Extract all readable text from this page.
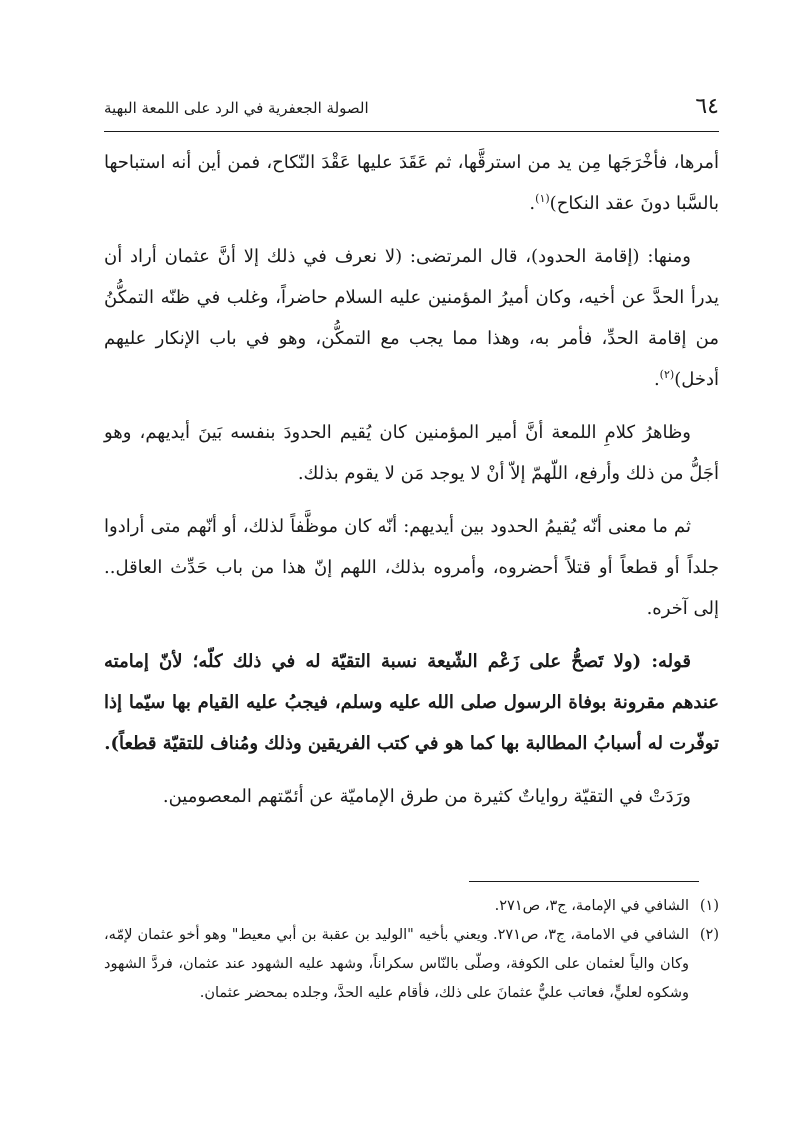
٦٤
الصولة الجعفرية في الرد على اللمعة البهية

أمرها، فأخْرَجَها مِن يد من استرقَّها، ثم عَقَدَ عليها عَقْدَ النّكاح، فمن أين أنه استباحها بالسَّبا دونَ عقد النكاح)$^{(١)}$.

ومنها: (إقامة الحدود)، قال المرتضى: (لا نعرف في ذلك إلا أنَّ عثمان أراد أن يدرأ الحدَّ عن أخيه، وكان أميرُ المؤمنين عليه السلام حاضراً، وغلب في ظنّه التمكُّنُ من إقامة الحدِّ، فأمر به، وهذا مما يجب مع التمكُّن، وهو في باب الإنكار عليهم أدخل)$^{(٢)}$.

وظاهرُ كلامِ اللمعة أنَّ أمير المؤمنين كان يُقيم الحدودَ بنفسه بَينَ أيديهم، وهو أجَلُّ من ذلك وأرفع، اللّهمّ إلاّ أنْ لا يوجد مَن لا يقوم بذلك.

ثم ما معنى أنّه يُقيمُ الحدود بين أيديهم: أنّه كان موظَّفاً لذلك، أو أنّهم متى أرادوا جلداً أو قطعاً أو قتلاً أحضروه، وأمروه بذلك، اللهم إنّ هذا من باب حَدِّث العاقل.. إلى آخره.

قوله: (ولا تَصحُّ على زَعْم الشّيعة نسبة التقيّة له في ذلك كلّه؛ لأنّ إمامته عندهم مقرونة بوفاة الرسول صلى الله عليه وسلم، فيجبُ عليه القيام بها سيّما إذا توفّرت له أسبابُ المطالبة بها كما هو في كتب الفريقين وذلك ومُناف للتقيّة قطعاً).

ورَدَتْ في التقيّة رواياتٌ كثيرة من طرق الإماميّة عن أئمّتهم المعصومين.

(١)
الشافي في الإمامة، ج٣، ص٢٧١.

(٢)
الشافي في الامامة، ج٣، ص٢٧١. ويعني بأخيه "الوليد بن عقبة بن أبي معيط" وهو أخو عثمان لإمّه، وكان والياً لعثمان على الكوفة، وصلّى بالنّاس سكراناً، وشهد عليه الشهود عند عثمان، فردَّ الشهود وشكوه لعليٍّ، فعاتب عليٌّ عثمانَ على ذلك، فأقام عليه الحدَّ، وجلده بمحضر عثمان.
